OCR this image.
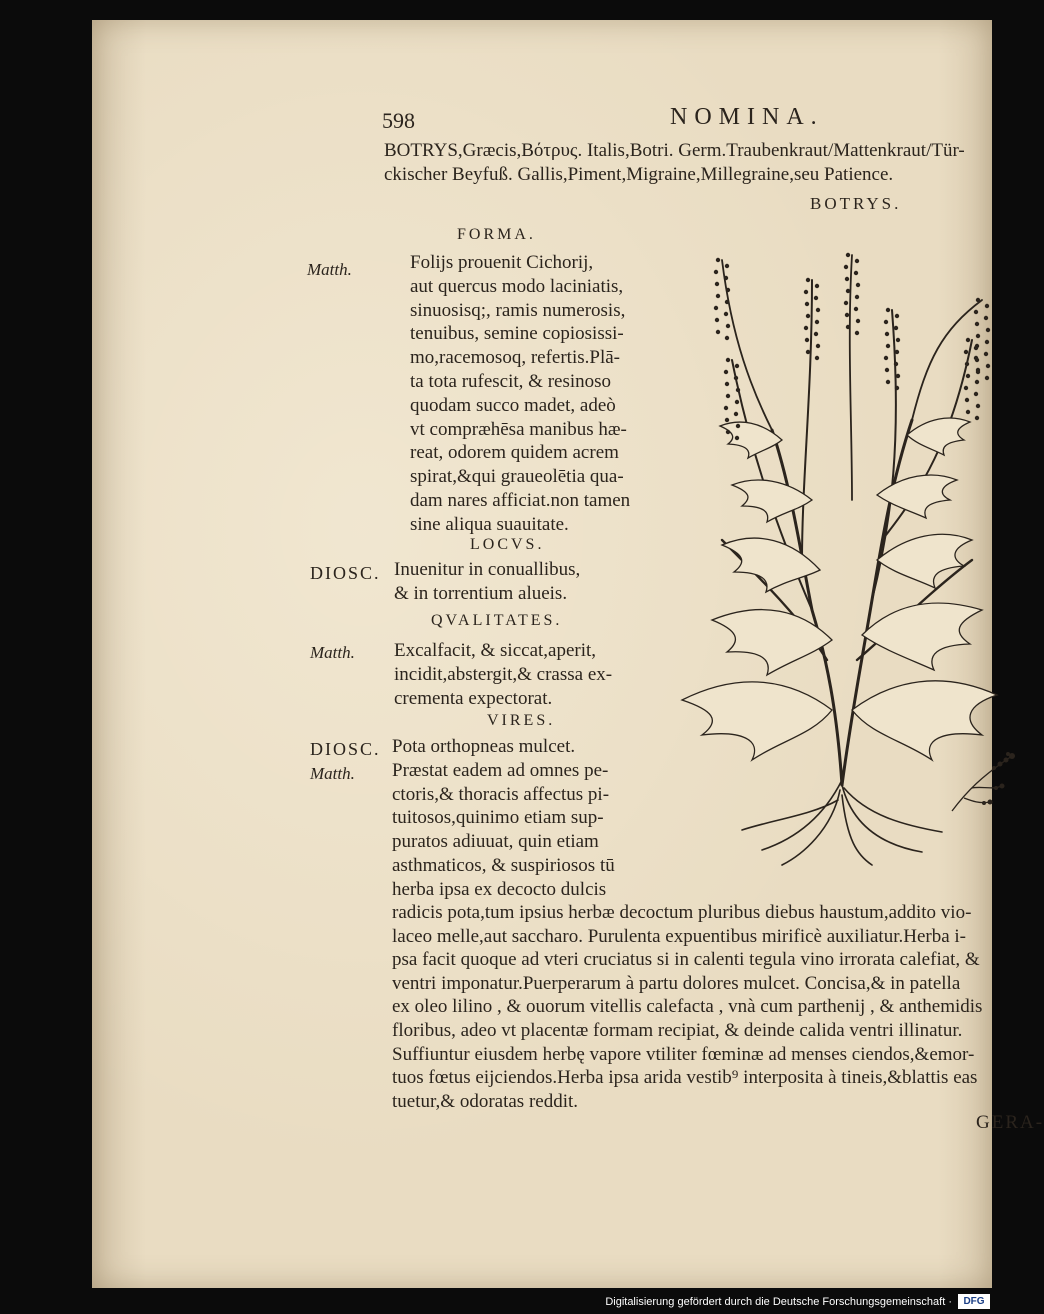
598	NOMINA.
BOTRYS,Græcis,Βότρυς. Italis,Botri. Germ.Traubenkraut/Mattenkraut/Tür-
ckischer Beyfuß. Gallis,Piment,Migraine,Millegraine,seu Patience.
BOTRYS.
FORMA.
Matth.	Folijs prouenit Cichorij,
aut quercus modo laciniatis,
sinuosisq;, ramis numerosis,
tenuibus, semine copiosissi-
mo,racemosoq, refertis.Plā-
ta tota rufescit, & resinoso
quodam succo madet, adeò
vt compræhēsa manibus hæ-
reat, odorem quidem acrem
spirat,&qui graueolētia qua-
dam nares afficiat.non tamen
sine aliqua suauitate.
LOCVS.
DIOSC. Inuenitur in conuallibus,
& in torrentium alueis.
QVALITATES.
Matth. Excalfacit, & siccat,aperit,
incidit,abstergit,& crassa ex-
crementa expectorat.
VIRES.
DIOSC.
Matth.
Pota orthopneas mulcet.
Præstat eadem ad omnes pe-
ctoris,& thoracis affectus pi-
tuitosos,quinimo etiam sup-
puratos adiuuat, quin etiam
asthmaticos, & suspiriosos tū
herba ipsa ex decocto dulcis
radicis pota,tum ipsius herbæ decoctum pluribus diebus haustum,addito vio-
laceo melle,aut saccharo. Purulenta expuentibus mirificè auxiliatur.Herba i-
psa facit quoque ad vteri cruciatus si in calenti tegula vino irrorata calefiat, &
ventri imponatur.Puerperarum à partu dolores mulcet. Concisa,& in patella
ex oleo lilino , & ouorum vitellis calefacta , vnà cum parthenij , & anthemidis
floribus, adeo vt placentæ formam recipiat, & deinde calida ventri illinatur.
Suffiuntur eiusdem herbę vapore vtiliter fœminæ ad menses ciendos,&emor-
tuos fœtus eijciendos.Herba ipsa arida vestib⁹ interposita à tineis,&blattis eas
tuetur,& odoratas reddit.
GERA-
Digitalisierung gefördert durch die Deutsche Forschungsgemeinschaft ·	DFG
